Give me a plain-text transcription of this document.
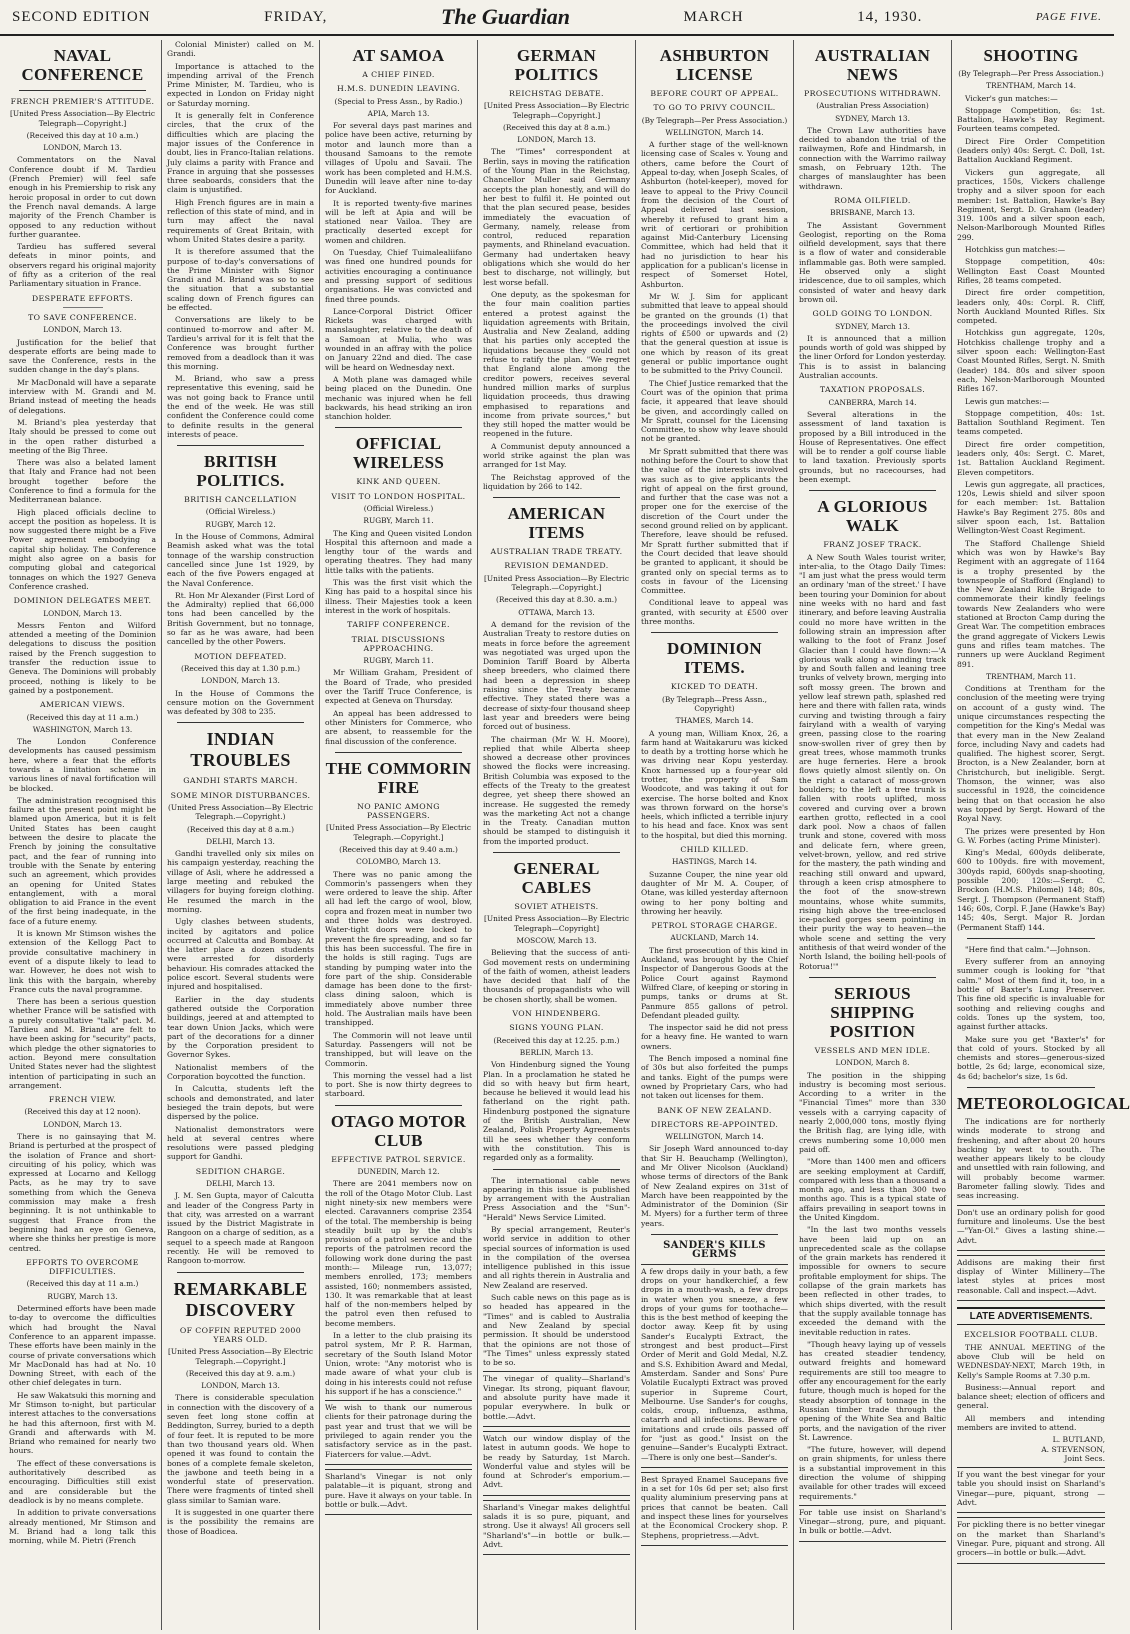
SECOND EDITION	FRIDAY,	The Guardian	MARCH	14, 1930.	PAGE FIVE.
NAVAL CONFERENCE
FRENCH PREMIER'S ATTITUDE.
[United Press Association—By Electric Telegraph—Copyright.]
(Received this day at 10 a.m.)
LONDON, March 13.

Commentators on the Naval Conference doubt if M. Tardieu (French Premier) will feel safe enough in his Premiership to risk any heroic proposal in order to cut down the French naval demands. A large majority of the French Chamber is opposed to any reduction without further guarantee.

Tardieu has suffered several defeats in minor points, and observers regard his original majority of fifty as a criterion of the real Parliamentary situation in France.

DESPERATE EFFORTS.
TO SAVE CONFERENCE.
LONDON, March 13.

Justification for the belief that desperate efforts are being made to save the Conference, rests in the sudden change in the day's plans.

Mr MacDonald will have a separate interview with M. Grandi and M. Briand instead of meeting the heads of delegations.

M. Briand's plea yesterday that Italy should be pressed to come out in the open rather disturbed a meeting of the Big Three.

There was also a belated lament that Italy and France had not been brought together before the Conference to find a formula for the Mediterranean balance.

High placed officials decline to accept the position as hopeless. It is now suggested there might be a Five Power agreement embodying a capital ship holiday. The Conference might also agree on a basis for computing global and categorical tonnages on which the 1927 Geneva Conference crashed.

DOMINION DELEGATES MEET.
LONDON, March 13.

Messrs Fenton and Wilford attended a meeting of the Dominion delegations to discuss the position raised by the French suggestion to transfer the reduction issue to Geneva. The Dominions will probably proceed, nothing is likely to be gained by a postponement.

AMERICAN VIEWS.
(Received this day at 11 a.m.)
WASHINGTON, March 13.

The London Conference developments has caused pessimism here, where a fear that the efforts towards a limitation scheme in various lines of naval fortification will be blocked.

The administration recognised this failure at the present point might be blamed upon America, but it is felt United States has been caught between the desire to placate the French by joining the consultative pact, and the fear of running into trouble with the Senate by entering such an agreement, which provides an opening for United States entanglement, with a moral obligation to aid France in the event of the first being inadequate, in the face of a future enemy.

It is known Mr Stimson wishes the extension of the Kellogg Pact to provide consultative machinery in event of a dispute likely to lead to war. However, he does not wish to link this with the bargain, whereby France cuts the naval programme.

There has been a serious question whether France will be satisfied with a purely consultative "talk" pact. M. Tardieu and M. Briand are felt to have been asking for "security" pacts, which pledge the other signatories to action. Beyond mere consultation United States never had the slightest intention of participating in such an arrangement.

FRENCH VIEW.
(Received this day at 12 noon).
LONDON, March 13.

There is no gainsaying that M. Briand is perturbed at the prospect of the isolation of France and short-circuiting of his policy, which was expressed at Locarno and Kellogg Pacts, as he may try to save something from which the Geneva commission may make a fresh beginning. It is not unthinkable to suggest that France from the beginning had an eye on Geneva, where she thinks her prestige is more centred.

EFFORTS TO OVERCOME DIFFICULTIES.
(Received this day at 11 a.m.)
RUGBY, March 13.

Determined efforts have been made to-day to overcome the difficulties which had brought the Naval Conference to an apparent impasse. These efforts have been mainly in the course of private conversations which Mr MacDonald has had at No. 10 Downing Street, with each of the other chief delegates in turn.

He saw Wakatsuki this morning and Mr Stimson to-night, but particular interest attaches to the conversations he had this afternoon, first with M. Grandi and afterwards with M. Briand who remained for nearly two hours.

The effect of these conversations is authoritatively described as encouraging. Difficulties still exist and are considerable but the deadlock is by no means complete.

In addition to private conversations already mentioned, Mr Stimson and M. Briand had a long talk this morning, while M. Pietri (French

Colonial Minister) called on M. Grandi.

Importance is attached to the impending arrival of the French Prime Minister, M. Tardieu, who is expected in London on Friday night or Saturday morning.

It is generally felt in Conference circles, that the crux of the difficulties which are placing the major issues of the Conference in doubt, lies in Franco-Italian relations. July claims a parity with France and France in arguing that she possesses three seaboards, considers that the claim is unjustified.

High French figures are in main a reflection of this state of mind, and in turn may affect the naval requirements of Great Britain, with whom United States desire a parity.

It is therefore assumed that the purpose of to-day's conversations of the Prime Minister with Signor Grandi and M. Briand was so to see the situation that a substantial scaling down of French figures can be effected.

Conversations are likely to be continued to-morrow and after M. Tardieu's arrival for it is felt that the Conference was brought further removed from a deadlock than it was this morning.

M. Briand, who saw a press representative this evening, said he was not going back to France until the end of the week. He was still confident the Conference could come to definite results in the general interests of peace.

BRITISH POLITICS.
BRITISH CANCELLATION
(Official Wireless.)
RUGBY, March 12.

In the House of Commons, Admiral Beamish asked what was the total tonnage of the warship construction cancelled since June 1st 1929, by each of the five Powers engaged at the Naval Conference.

Rt. Hon Mr Alexander (First Lord of the Admiralty) replied that 66,000 tons had been cancelled by the British Government, but no tonnage, so far as he was aware, had been cancelled by the other Powers.

MOTION DEFEATED.
(Received this day at 1.30 p.m.)
LONDON, March 13.

In the House of Commons the censure motion on the Government was defeated by 308 to 235.

INDIAN TROUBLES
GANDHI STARTS MARCH.
SOME MINOR DISTURBANCES.
(United Press Association—By Electric Telegraph.—Copyright.)
(Received this day at 8 a.m.)
DELHI, March 13.

Gandhi travelled only six miles on his campaign yesterday, reaching the village of Asli, where he addressed a large meeting and rebuked the villagers for buying foreign clothing. He resumed the march in the morning.

Ugly clashes between students, incited by agitators and police occurred at Calcutta and Bombay. At the latter place a dozen students were arrested for disorderly behaviour. His comrades attacked the police escort. Several students were injured and hospitalised.

Earlier in the day students gathered outside the Corporation buildings, jeered at and attempted to tear down Union Jacks, which were part of the decorations for a dinner by the Corporation president to Governor Sykes.

Nationalist members of the Corporation boycotted the function.

In Calcutta, students left the schools and demonstrated, and later besieged the train depots, but were dispersed by the police.

Nationalist demonstrators were held at several centres where resolutions were passed pledging support for Gandhi.

SEDITION CHARGE.
DELHI, March 13.

J. M. Sen Gupta, mayor of Calcutta and leader of the Congress Party in that city, was arrested on a warrant issued by the District Magistrate in Rangoon on a charge of sedition, as a sequel to a speech made at Rangoon recently. He will be removed to Rangoon to-morrow.

REMARKABLE DISCOVERY
OF COFFIN REPUTED 2000 YEARS OLD.
[United Press Association—By Electric Telegraph.—Copyright.]
(Received this day at 9. a.m.)
LONDON, March 13.

There is considerable speculation in connection with the discovery of a seven feet long stone coffin at Beddington, Surrey, buried to a depth of four feet. It is reputed to be more than two thousand years old. When opened it was found to contain the bones of a complete female skeleton, the jawbone and teeth being in a wonderful state of preservation. There were fragments of tinted shell glass similar to Samian ware.

It is suggested in one quarter there is the possibility the remains are those of Boadicea.

AT SAMOA
A CHIEF FINED.
H.M.S. DUNEDIN LEAVING.
(Special to Press Assn., by Radio.)
APIA, March 13.

For several days past marines and police have been active, returning by motor and launch more than a thousand Samoans to the remote villages of Upolu and Savaii. The work has been completed and H.M.S. Dunedin will leave after nine to-day for Auckland.

It is reported twenty-five marines will be left at Apia and will be stationed near Vailoa. They are practically deserted except for women and children.

On Tuesday, Chief Tuimalealiifano was fined one hundred pounds for activities encouraging a continuance and pressing support of seditious organisations. He was convicted and fined three pounds.

Lance-Corporal District Officer Rickets was charged with manslaughter, relative to the death of a Samoan at Mulia, who was wounded in an affray with the police on January 22nd and died. The case will be heard on Wednesday next.

A Moth plane was damaged while being placed on the Dunedin. One mechanic was injured when he fell backwards, his head striking an iron stanchion holder.

OFFICIAL WIRELESS
KINK AND QUEEN.
VISIT TO LONDON HOSPITAL.
(Official Wireless.)
RUGBY, March 11.

The King and Queen visited London Hospital this afternoon and made a lengthy tour of the wards and operating theatres. They had many little talks with the patients.

This was the first visit which the King has paid to a hospital since his illness. Their Majesties took a keen interest in the work of hospitals.

TARIFF CONFERENCE.
TRIAL DISCUSSIONS APPROACHING.
RUGBY, March 11.

Mr William Graham, President of the Board of Trade, who presided over the Tariff Truce Conference, is expected at Geneva on Thursday.

An appeal has been addressed to other Ministers for Commerce, who are absent, to reassemble for the final discussion of the conference.

THE COMMORIN FIRE
NO PANIC AMONG PASSENGERS.
[United Press Association—By Electric Telegraph.—Copyright.]
(Received this day at 9.40 a.m.)
COLOMBO, March 13.

There was no panic among the Commorin's passengers when they were ordered to leave the ship. After all had left the cargo of wool, blow, copra and frozen meat in number two and three holds was destroyed. Water-tight doors were locked to prevent the fire spreading, and so far this has been successful. The fire in the holds is still raging. Tugs are standing by pumping water into the fore part of the ship. Considerable damage has been done to the first-class dining saloon, which is immediately above number three hold. The Australian mails have been transhipped.

The Commorin will not leave until Saturday. Passengers will not be transhipped, but will leave on the Commorin.

This morning the vessel had a list to port. She is now thirty degrees to starboard.

OTAGO MOTOR CLUB
EFFECTIVE PATROL SERVICE.
DUNEDIN, March 12.

There are 2041 members now on the roll of the Otago Motor Club. Last night ninety-six new members were elected. Caravanners comprise 2354 of the total. The membership is being steadily built up by the club's provision of a patrol service and the reports of the patrolmen record the following work done during the past month:— Mileage run, 13,077; members enrolled, 173; members assisted, 160; nonmembers assisted, 130. It was remarkable that at least half of the non-members helped by the patrol even then refused to become members.

In a letter to the club praising its patrol system, Mr P. R. Harman, secretary of the South Island Motor Union, wrote: "Any motorist who is made aware of what your club is doing in his interests could not refuse his support if he has a conscience."

We wish to thank our numerous clients for their patronage during the past year and trust that we will be privileged to again render you the satisfactory service as in the past. Fiatercers for value.—Advt.

Sharland's Vinegar is not only palatable—it is piquant, strong and pure. Have it always on your table. In bottle or bulk.—Advt.

GERMAN POLITICS
REICHSTAG DEBATE.
[United Press Association—By Electric Telegraph—Copyright.]
(Received this day at 8 a.m.)
LONDON, March 13.

The "Times" correspondent at Berlin, says in moving the ratification of the Young Plan in the Reichstag, Chancellor Muller said Germany accepts the plan honestly, and will do her best to fulfil it. He pointed out that the plan secured pease, besides immediately the evacuation of Germany, namely, release from control, reduced reparation payments, and Rhineland evacuation. Germany had undertaken heavy obligations which she would do her best to discharge, not willingly, but lest worse befall.

One deputy, as the spokesman for the four main coalition parties entered a protest against the liquidation agreements with Britain, Australia and New Zealand, adding that his parties only accepted the liquidations because they could not refuse to ratify the plan. "We regret that England alone among the creditor powers, receives several hundred million marks of surplus liquidation proceeds, thus drawing emphasised to reparations and income from private sources," but they still hoped the matter would be reopened in the future.

A Communist deputy announced a world strike against the plan was arranged for 1st May.

The Reichstag approved of the liquidation by 266 to 142.

AMERICAN ITEMS
AUSTRALIAN TRADE TREATY.
REVISION DEMANDED.
[United Press Association—By Electric Telegraph.—Copyright.]
(Received this day at 8.30. a.m.)
OTTAWA, March 13.

A demand for the revision of the Australian Treaty to restore duties on meats in force before the agreement was negotiated was urged upon the Dominion Tariff Board by Alberta sheep breeders, who claimed there had been a depression in sheep raising since the Treaty became effective. They stated there was a decrease of sixty-four thousand sheep last year and breeders were being forced out of business.

The chairman (Mr W. H. Moore), replied that while Alberta sheep showed a decrease other provinces showed the flocks were increasing. British Columbia was exposed to the effects of the Treaty to the greatest degree, yet sheep there showed an increase. He suggested the remedy was the marketing Act not a change in the Treaty. Canadian mutton should be stamped to distinguish it from the imported product.

GENERAL CABLES
SOVIET ATHEISTS.
[United Press Association—By Electric Telegraph—Copyright]
MOSCOW, March 13.

Believing that the success of anti-God movement rests on undermining of the faith of women, atheist leaders have decided that half of the thousands of propagandists who will be chosen shortly, shall be women.

VON HINDENBERG.
SIGNS YOUNG PLAN.
(Received this day at 12.25. p.m.)
BERLIN, March 13.

Von Hindenburg signed the Young Plan. In a proclamation he stated he did so with heavy but firm heart, because he believed it would lead his fatherland on the right path. Hindenburg postponed the signature of the British Australian, New Zealand, Polish Property Agreements till he sees whether they conform with the constitution. This is regarded only as a formality.

The international cable news appearing in this issue is published by arrangement with the Australian Press Association and the "Sun"-"Herald" News Service Limited.

By special arrangement, Reuter's world service in addition to other special sources of information is used in the compilation of the oversea intelligence published in this issue and all rights therein in Australia and New Zealand are reserved.

Such cable news on this page as is so headed has appeared in the "Times" and is cabled to Australia and New Zealand by special permission. It should be understood that the opinions are not those of "The Times" unless expressly stated to be so.

The vinegar of quality—Sharland's Vinegar. Its strong, piquant flavour, and absolute purity have made it popular everywhere. In bulk or bottle.—Advt.

Watch our window display of the latest in autumn goods. We hope to be ready by Saturday, 1st March. Wonderful value and styles will be found at Schroder's emporium.—Advt.

Sharland's Vinegar makes delightful salads it is so pure, piquant, and strong. Use it always! All grocers sell "Sharland's"—in bottle or bulk.—Advt.

ASHBURTON LICENSE
BEFORE COURT OF APPEAL.
TO GO TO PRIVY COUNCIL.
(By Telegraph—Per Press Association.)
WELLINGTON, March 14.

A further stage of the well-known licensing case of Scales v. Young and others, came before the Court of Appeal to-day, when Joseph Scales, of Ashburton (hotel-keeper), moved for leave to appeal to the Privy Council from the decision of the Court of Appeal delivered last session, whereby it refused to grant him a writ of certiorari or prohibition against Mid-Canterbury Licensing Committee, which had held that it had no jurisdiction to hear his application for a publican's license in respect of Somerset Hotel, Ashburton.

Mr W. J. Sim for applicant submitted that leave to appeal should be granted on the grounds (1) that the proceedings involved the civil rights of £500 or upwards and (2) that the general question at issue is one which by reason of its great general or public importance ought to be submitted to the Privy Council.

The Chief Justice remarked that the Court was of the opinion that prima facie, it appeared that leave should be given, and accordingly called on Mr Spratt, counsel for the Licensing Committee, to show why leave should not be granted.

Mr Spratt submitted that there was nothing before the Court to show that the value of the interests involved was such as to give applicants the right of appeal on the first ground, and further that the case was not a proper one for the exercise of the discretion of the Court under the second ground relied on by applicant. Therefore, leave should be refused. Mr Spratt further submitted that if the Court decided that leave should be granted to applicant, it should be granted only on special terms as to costs in favour of the Licensing Committee.

Conditional leave to appeal was granted, with security at £500 over three months.

DOMINION ITEMS.
KICKED TO DEATH.
(By Telegraph—Press Assn., Copyright)
THAMES, March 14.

A young man, William Knox, 26, a farm hand at Waitakaruru was kicked to death by a trotting horse which he was driving near Kopu yesterday. Knox harnessed up a four-year old trotter, the property of Sam Woodcote, and was taking it out for exercise. The horse bolted and Knox was thrown forward on the horse's heels, which inflicted a terrible injury to his head and face. Knox was sent to the hospital, but died this morning.

CHILD KILLED.
HASTINGS, March 14.

Suzanne Couper, the nine year old daughter of Mr M. A. Couper, of Otane, was killed yesterday afternoon owing to her pony bolting and throwing her heavily.

PETROL STORAGE CHARGE.
AUCKLAND, March 14.

The first prosecution of this kind in Auckland, was brought by the Chief Inspector of Dangerous Goods at the Police Court against Raymond Wilfred Clare, of keeping or storing in pumps, tanks or drums at St. Panmure 855 gallons of petrol. Defendant pleaded guilty.

The inspector said he did not press for a heavy fine. He wanted to warn owners.

The Bench imposed a nominal fine of 30s but also forfeited the pumps and tanks. Eight of the pumps were owned by Proprietary Cars, who had not taken out licenses for them.

BANK OF NEW ZEALAND.
DIRECTORS RE-APPOINTED.
WELLINGTON, March 14.

Sir Joseph Ward announced to-day that Sir H. Beauchamp (Wellington), and Mr Oliver Nicolson (Auckland) whose terms of directors of the Bank of New Zealand expires on 31st of March have been reappointed by the Administrator of the Dominion (Sir M. Myers) for a further term of three years.

SANDER'S KILLS GERMS

A few drops daily in your bath, a few drops on your handkerchief, a few drops in a mouth-wash, a few drops in water when you sneeze, a few drops of your gums for toothache—this is the best method of keeping the doctor away. Keep fit by using Sander's Eucalypti Extract, the strongest and best product—First Order of Merit and Gold Medal, N.Z. and S.S. Exhibition Award and Medal, Amsterdam. Sander and Sons' Pure Volatile Eucalypti Extract was proved superior in Supreme Court, Melbourne. Use Sander's for coughs, colds, croup, influenza, asthma, catarrh and all infections. Beware of imitations and crude oils passed off for "just as good." Insist on the genuine—Sander's Eucalypti Extract.—There is only one best—Sander's.

Best Sprayed Enamel Saucepans five in a set for 10s 6d per set; also first quality aluminium preserving pans at prices that cannot be beaten. Call and inspect these lines for yourselves at the Economical Crockery shop. P. Stephens, proprietress.—Advt.

AUSTRALIAN NEWS
PROSECUTIONS WITHDRAWN.
(Australian Press Association)
SYDNEY, March 13.

The Crown Law authorities have decided to abandon the trial of the railwaymen, Rofe and Hindmarsh, in connection with the Warrimo railway smash, on February 12th. The charges of manslaughter has been withdrawn.

ROMA OILFIELD.
BRISBANE, March 13.

The Assistant Government Geologist, reporting on the Roma oilfield development, says that there is a flow of water and considerable inflammable gas. Both were sampled. He observed only a slight iridescence, due to oil samples, which consisted of water and heavy dark brown oil.

GOLD GOING TO LONDON.
SYDNEY, March 13.

It is announced that a million pounds worth of gold was shipped by the liner Orford for London yesterday. This is to assist in balancing Australian accounts.

TAXATION PROPOSALS.
CANBERRA, March 14.

Several alterations in the assessment of land taxation is proposed by a Bill introduced in the House of Representatives. One effect will be to render a golf course liable to land taxation. Previously sports grounds, but no racecourses, had been exempt.

A GLORIOUS WALK
FRANZ JOSEF TRACK.

A New South Wales tourist writer, inter-alia, to the Otago Daily Times: "I am just what the press would term an ordinary 'man of the street.' I have been touring your Dominion for about nine weeks with no hard and fast itinerary, and before leaving Australia could no more have written in the following strain an impression after walking to the foot of Franz Josef Glacier than I could have flown:—'A glorious walk along a winding track by and South fallen and leaning tree trunks of velvety brown, merging into soft mossy green. The brown and yellow leaf strewn path, splashed red here and there with fallen rata, winds curving and twisting through a fairy fairyland with a wealth of varying green, passing close to the roaring snow-swollen river of grey then by great trees, whose mammoth trunks are huge ferneries. Here a brook flows quietly almost silently on. On the right a cataract of moss-grown boulders; to the left a tree trunk is fallen with roots uplifted, moss covered and curving over a brown earthen grotto, reflected in a cool dark pool. Now a chaos of fallen trunk and stone, covered with moss and delicate fern, where green, velvet-brown, yellow, and red strive for the mastery, the path winding and reaching still onward and upward, through a keen crisp atmosphere to the foot of the snow-strewn mountains, whose white summits, rising high above the tree-enclosed ice-packed gorges seem pointing in their purity the way to heaven—the whole scene and setting the very antithesis of that weird wonder of the North Island, the boiling hell-pools of Rotorua!'"

SERIOUS SHIPPING POSITION
VESSELS AND MEN IDLE.
LONDON, March 8.

The position in the shipping industry is becoming most serious. According to a writer in the "Financial Times" more than 330 vessels with a carrying capacity of nearly 2,000,000 tons, mostly flying the British flag, are lying idle, with crews numbering some 10,000 men paid off.

"More than 1400 men and officers are seeking employment at Cardiff, compared with less than a thousand a month ago, and less than 300 two months ago. This is a typical state of affairs prevailing in seaport towns in the United Kingdom.

"In the last two months vessels have been laid up on an unprecedented scale as the collapse of the grain markets has rendered it impossible for owners to secure profitable employment for ships. The collapse of the grain markets has been reflected in other trades, to which ships diverted, with the result that the supply available tonnage has exceeded the demand with the inevitable reduction in rates.

"Though heavy laying up of vessels has created steadier tendency, outward freights and homeward requirements are still too meagre to offer any encouragement for the early future, though much is hoped for the steady absorption of tonnage in the Russian timber trade through the opening of the White Sea and Baltic ports, and the navigation of the river St. Lawrence.

"The future, however, will depend on grain shipments, for unless there is a substantial improvement in this direction the volume of shipping available for other trades will exceed requirements."

For table use insist on Sharland's Vinegar—strong, pure, and piquant. In bulk or bottle.—Advt.

SHOOTING
(By Telegraph—Per Press Association.)
TRENTHAM, March 14.

Vicker's gun matches:—

Stoppage Competition, 6s: 1st. Battalion, Hawke's Bay Regiment. Fourteen teams competed.

Direct Fire Order Competition (leaders only) 40s: Sergt. C. Doll, 1st. Battalion Auckland Regiment.

Vickers gun aggregate, all practices, 150s, Vickers challenge trophy and a silver spoon for each member: 1st. Battalion, Hawke's Bay Regiment, Sergt. D. Graham (leader) 319. 100s and a silver spoon each, Nelson-Marlborough Mounted Rifles 299.

Hotchkiss gun matches:—

Stoppage competition, 40s: Wellington East Coast Mounted Rifles, 28 teams competed.

Direct fire order competition, leaders only, 40s: Corpl. R. Cliff, North Auckland Mounted Rifles. Six competed.

Hotchkiss gun aggregate, 120s, Hotchkiss challenge trophy and a silver spoon each: Wellington-East Coast Mounted Rifles, Sergt. N. Smith (leader) 184. 80s and silver spoon each, Nelson-Marlborough Mounted Rifles 167.

Lewis gun matches:—

Stoppage competition, 40s: 1st. Battalion Southland Regiment. Ten teams competed.

Direct fire order competition, leaders only, 40s: Sergt. C. Maret, 1st. Battalion Auckland Regiment. Eleven competitors.

Lewis gun aggregate, all practices, 120s, Lewis shield and silver spoon for each member: 1st. Battalion Hawke's Bay Regiment 275. 80s and silver spoon each, 1st. Battalion Wellington-West Coast Regiment.

The Stafford Challenge Shield which was won by Hawke's Bay Regiment with an aggregate of 1164 is a trophy presented by the townspeople of Stafford (England) to the New Zealand Rifle Brigade to commemorate their kindly feelings towards New Zealanders who were stationed at Brocton Camp during the Great War. The competition embraces the grand aggregate of Vickers Lewis guns and rifles team matches. The runners up were Auckland Regiment 891.

TRENTHAM, March 11.

Conditions at Trentham for the conclusion of the meeting were trying on account of a gusty wind. The unique circumstances respecting the competition for the King's Medal was that every man in the New Zealand force, including Navy and cadets had qualified. The highest scorer, Sergt. Brocton, is a New Zealander, born at Christchurch, but ineligible. Sergt. Thomson, the winner, was also successful in 1928, the coincidence being that on that occasion he also was topped by Sergt. Howard of the Royal Navy.

The prizes were presented by Hon G. W. Forbes (acting Prime Minister).

King's Medal, 600yds deliberate, 600 to 100yds. fire with movement, 300yds rapid, 600yds snap-shooting, possible 200; 120s:—Sergt. C. Brockon (H.M.S. Philomel) 148; 80s, Sergt. J. Thompson (Permanent Staff) 146; 60s, Corpl. F. Jane (Hawke's Bay) 145; 40s, Sergt. Major R. Jordan (Permanent Staff) 144.

"Here find that calm."—Johnson.

Every sufferer from an annoying summer cough is looking for "that calm." Most of them find it, too, in a bottle of Baxter's Lung Preserver. This fine old specific is invaluable for soothing and relieving coughs and colds. Tones up the system, too, against further attacks.

Make sure you get "Baxter's" for that cold of yours. Stocked by all chemists and stores—generous-sized bottle, 2s 6d; large, economical size, 4s 6d; bachelor's size, 1s 6d.

METEOROLOGICAL

The indications are for northerly winds moderate to strong and freshening, and after about 20 hours backing by west to south. The weather appears likely to be cloudy and unsettled with rain following, and will probably become warmer. Barometer falling slowly. Tides and seas increasing.

Don't use an ordinary polish for good furniture and linoleums. Use the best —"Yan-Ol." Gives a lasting shine.—Advt.

Addisons are making their first display of Winter Millinery—The latest styles at prices most reasonable. Call and inspect.—Advt.

LATE ADVERTISEMENTS.
EXCELSIOR FOOTBALL CLUB.

THE ANNUAL MEETING of the above Club will be held on WEDNESDAY-NEXT, March 19th, in Kelly's Sample Rooms at 7.30 p.m.

Business:—Annual report and balance sheet; election of officers and general.

All members and intending members are invited to attend.

L. BUTLAND,
A. STEVENSON,
Joint Secs.

If you want the best vinegar for your table you should insist on Sharland's Vinegar—pure, piquant, strong —Advt.

For pickling there is no better vinegar on the market than Sharland's Vinegar. Pure, piquant and strong. All grocers—in bottle or bulk.—Advt.
